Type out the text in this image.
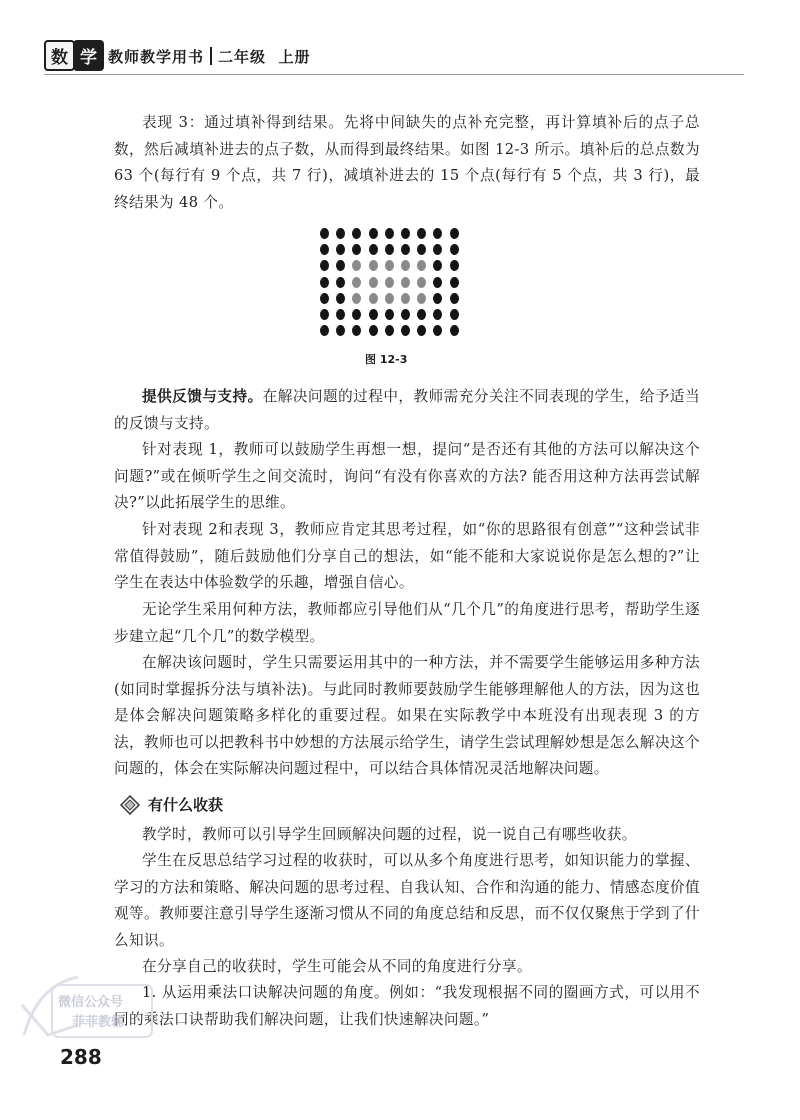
数 学 教师教学用书 二年级 上册

表现 3：通过填补得到结果。先将中间缺失的点补充完整，再计算填补后的点子总数，然后减填补进去的点子数，从而得到最终结果。如图 12-3 所示。填补后的总点数为 63 个(每行有 9 个点，共 7 行)，减填补进去的 15 个点(每行有 5 个点，共 3 行)，最终结果为 48 个。

图 12-3

提供反馈与支持。在解决问题的过程中，教师需充分关注不同表现的学生，给予适当的反馈与支持。

针对表现 1，教师可以鼓励学生再想一想，提问“是否还有其他的方法可以解决这个问题?”或在倾听学生之间交流时，询问“有没有你喜欢的方法? 能否用这种方法再尝试解决?”以此拓展学生的思维。

针对表现 2和表现 3，教师应肯定其思考过程，如“你的思路很有创意”“这种尝试非常值得鼓励”，随后鼓励他们分享自己的想法，如“能不能和大家说说你是怎么想的?”让学生在表达中体验数学的乐趣，增强自信心。

无论学生采用何种方法，教师都应引导他们从“几个几”的角度进行思考，帮助学生逐步建立起“几个几”的数学模型。

在解决该问题时，学生只需要运用其中的一种方法，并不需要学生能够运用多种方法(如同时掌握拆分法与填补法)。与此同时教师要鼓励学生能够理解他人的方法，因为这也是体会解决问题策略多样化的重要过程。如果在实际教学中本班没有出现表现 3 的方法，教师也可以把教科书中妙想的方法展示给学生，请学生尝试理解妙想是怎么解决这个问题的，体会在实际解决问题过程中，可以结合具体情况灵活地解决问题。

有什么收获

教学时，教师可以引导学生回顾解决问题的过程，说一说自己有哪些收获。

学生在反思总结学习过程的收获时，可以从多个角度进行思考，如知识能力的掌握、学习的方法和策略、解决问题的思考过程、自我认知、合作和沟通的能力、情感态度价值观等。教师要注意引导学生逐渐习惯从不同的角度总结和反思，而不仅仅聚焦于学到了什么知识。

在分享自己的收获时，学生可能会从不同的角度进行分享。

1. 从运用乘法口诀解决问题的角度。例如：“我发现根据不同的圈画方式，可以用不同的乘法口诀帮助我们解决问题，让我们快速解决问题。”

微信公众号
菲菲教辅
288
